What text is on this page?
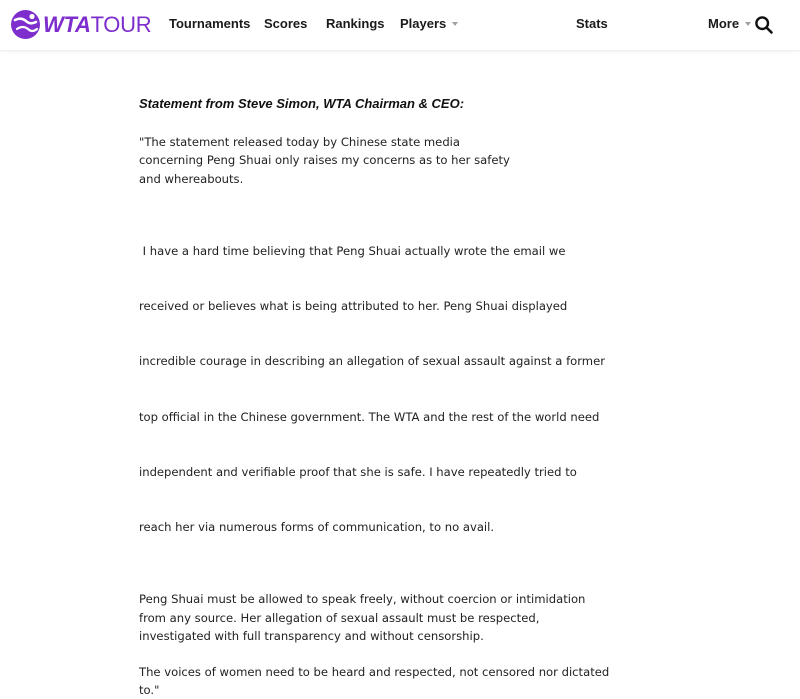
WTATOUR Tournaments Scores Rankings Players	Stats	More
Statement from Steve Simon, WTA Chairman & CEO:
"The statement released today by Chinese state media
concerning Peng Shuai only raises my concerns as to her safety
and whereabouts.

I have a hard time believing that Peng Shuai actually wrote the email we

received or believes what is being attributed to her. Peng Shuai displayed

incredible courage in describing an allegation of sexual assault against a former

top official in the Chinese government. The WTA and the rest of the world need

independent and verifiable proof that she is safe. I have repeatedly tried to

reach her via numerous forms of communication, to no avail.

Peng Shuai must be allowed to speak freely, without coercion or intimidation
from any source. Her allegation of sexual assault must be respected,
investigated with full transparency and without censorship.
The voices of women need to be heard and respected, not censored nor dictated
to."
